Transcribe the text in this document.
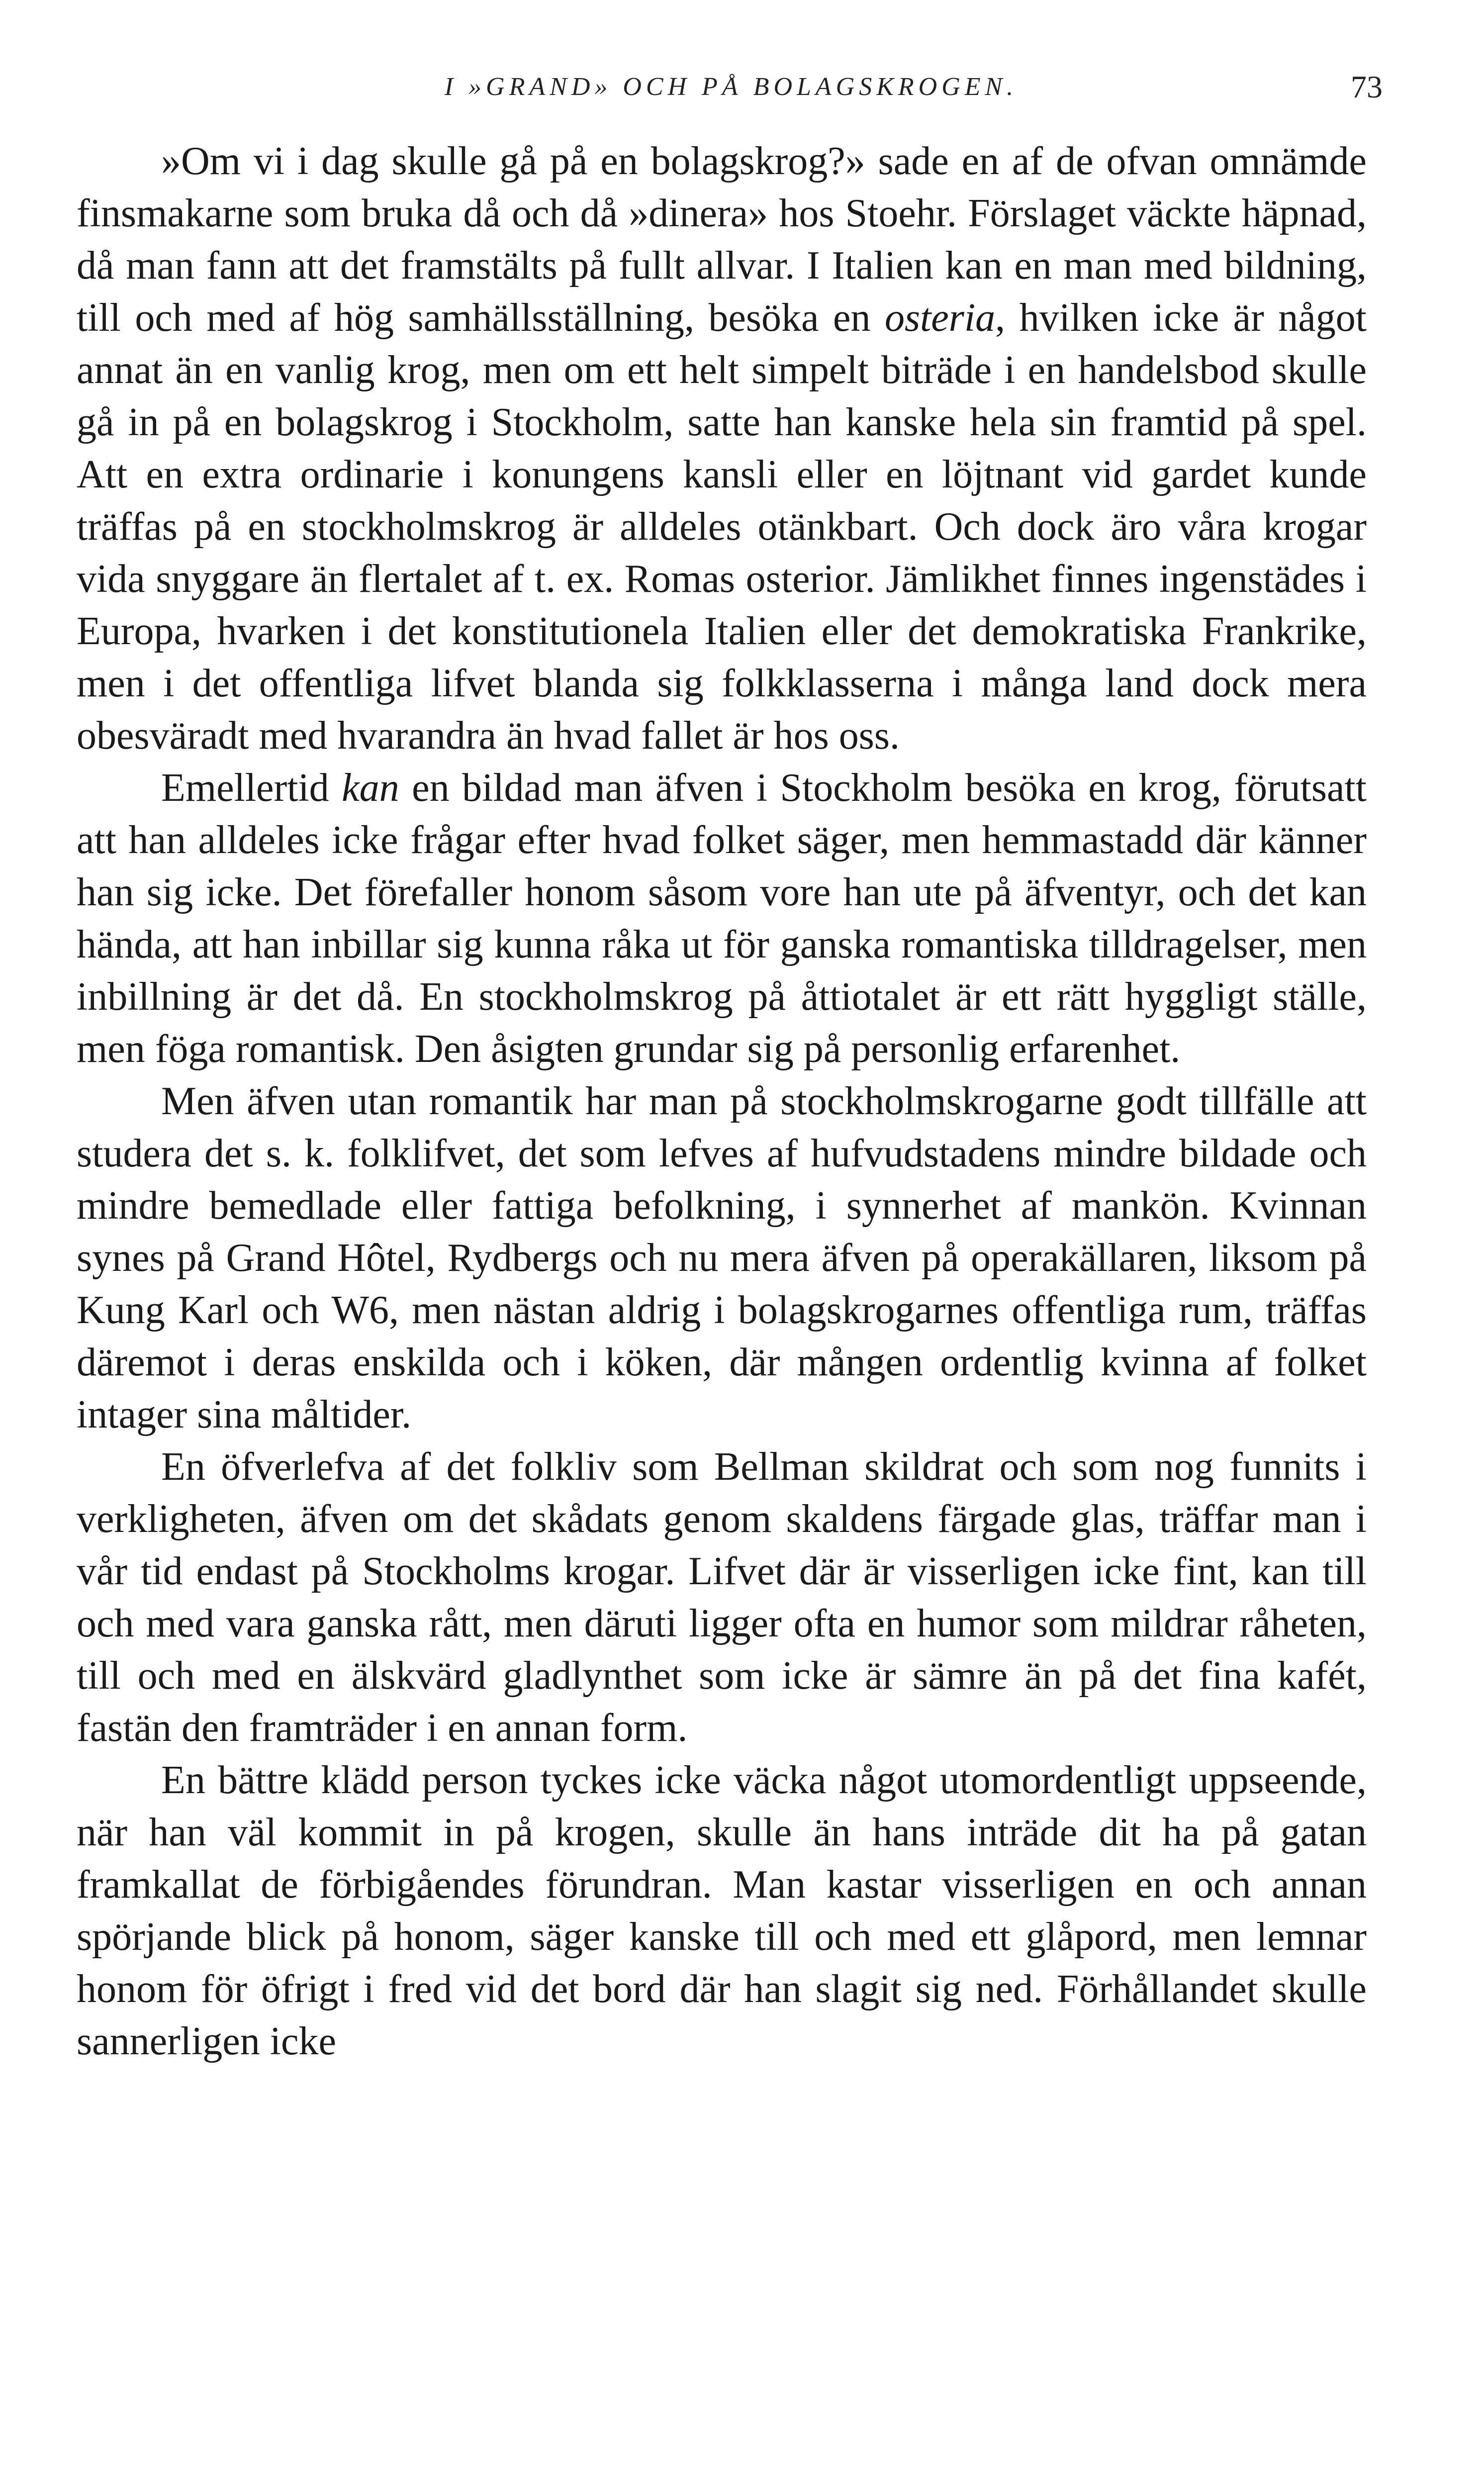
I »GRAND» OCH PÅ BOLAGSKROGEN.	73

»Om vi i dag skulle gå på en bolagskrog?» sade en af de ofvan omnämde finsmakarne som bruka då och då »dinera» hos Stoehr. Förslaget väckte häpnad, då man fann att det framstälts på fullt allvar. I Italien kan en man med bildning, till och med af hög samhällsställning, besöka en osteria, hvilken icke är något annat än en vanlig krog, men om ett helt simpelt biträde i en handelsbod skulle gå in på en bolagskrog i Stockholm, satte han kanske hela sin framtid på spel. Att en extra ordinarie i konungens kansli eller en löjtnant vid gardet kunde träffas på en stockholmskrog är alldeles otänkbart. Och dock äro våra krogar vida snyggare än flertalet af t. ex. Romas osterior. Jämlikhet finnes ingenstädes i Europa, hvarken i det konstitutionela Italien eller det demokratiska Frankrike, men i det offentliga lifvet blanda sig folkklasserna i många land dock mera obesväradt med hvarandra än hvad fallet är hos oss.

Emellertid kan en bildad man äfven i Stockholm besöka en krog, förutsatt att han alldeles icke frågar efter hvad folket säger, men hemmastadd där känner han sig icke. Det förefaller honom såsom vore han ute på äfventyr, och det kan hända, att han inbillar sig kunna råka ut för ganska romantiska tilldragelser, men inbillning är det då. En stockholmskrog på åttiotalet är ett rätt hyggligt ställe, men föga romantisk. Den åsigten grundar sig på personlig erfarenhet.

Men äfven utan romantik har man på stockholmskrogarne godt tillfälle att studera det s. k. folklifvet, det som lefves af hufvudstadens mindre bildade och mindre bemedlade eller fattiga befolkning, i synnerhet af mankön. Kvinnan synes på Grand Hôtel, Rydbergs och nu mera äfven på operakällaren, liksom på Kung Karl och W6, men nästan aldrig i bolagskrogarnes offentliga rum, träffas däremot i deras enskilda och i köken, där mången ordentlig kvinna af folket intager sina måltider.

En öfverlefva af det folkliv som Bellman skildrat och som nog funnits i verkligheten, äfven om det skådats genom skaldens färgade glas, träffar man i vår tid endast på Stockholms krogar. Lifvet där är visserligen icke fint, kan till och med vara ganska rått, men däruti ligger ofta en humor som mildrar råheten, till och med en älskvärd gladlynthet som icke är sämre än på det fina kafét, fastän den framträder i en annan form.

En bättre klädd person tyckes icke väcka något utomordentligt uppseende, när han väl kommit in på krogen, skulle än hans inträde dit ha på gatan framkallat de förbigåendes förundran. Man kastar visserligen en och annan spörjande blick på honom, säger kanske till och med ett glåpord, men lemnar honom för öfrigt i fred vid det bord där han slagit sig ned. Förhållandet skulle sannerligen icke
